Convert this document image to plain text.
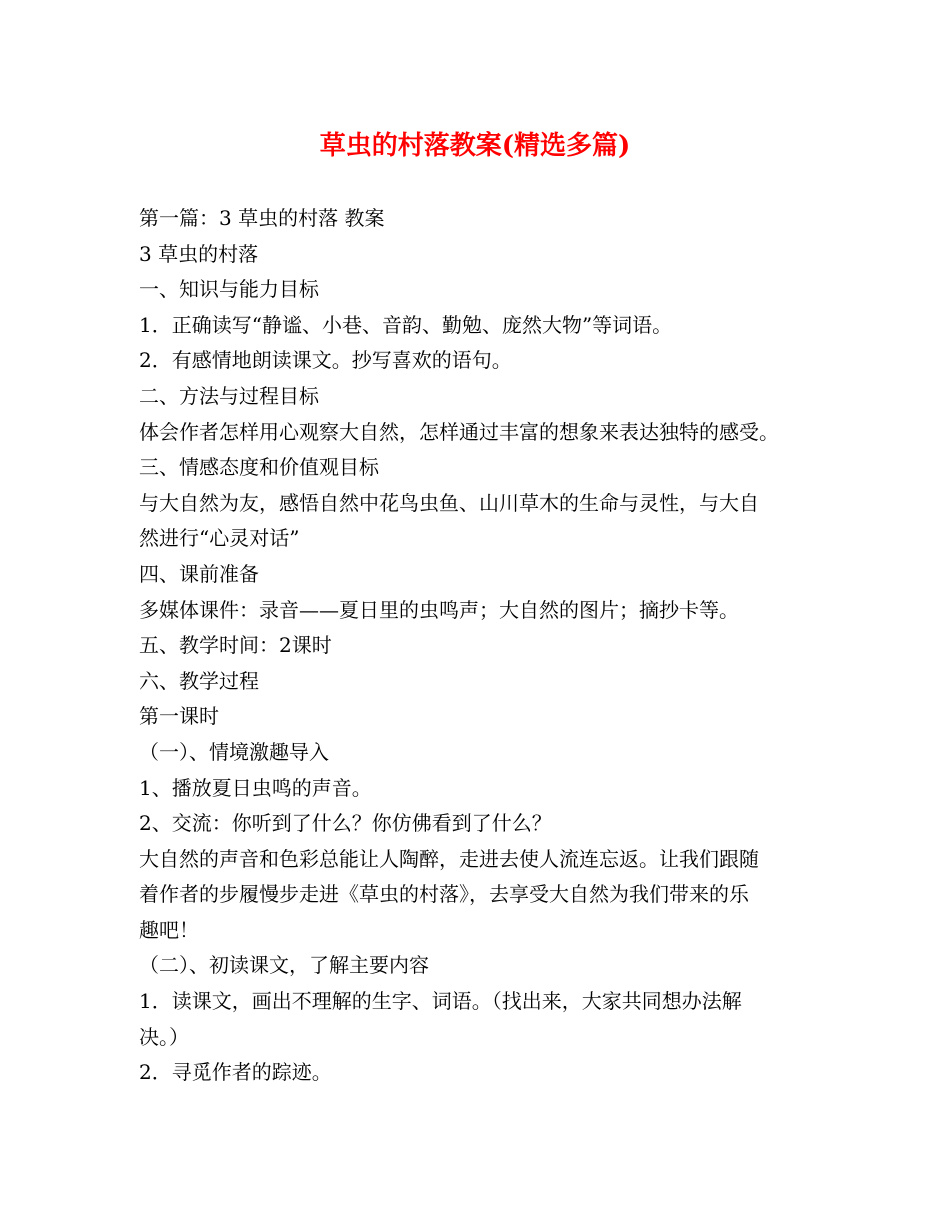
草虫的村落教案(精选多篇)
第一篇：3 草虫的村落 教案
3 草虫的村落
一、知识与能力目标
1．正确读写“静谧、小巷、音韵、勤勉、庞然大物”等词语。
2．有感情地朗读课文。抄写喜欢的语句。
二、方法与过程目标
体会作者怎样用心观察大自然，怎样通过丰富的想象来表达独特的感受。
三、情感态度和价值观目标
与大自然为友，感悟自然中花鸟虫鱼、山川草木的生命与灵性，与大自
然进行“心灵对话”
四、课前准备
多媒体课件：录音——夏日里的虫鸣声；大自然的图片；摘抄卡等。
五、教学时间：2课时
六、教学过程
第一课时
（一）、情境激趣导入
1、播放夏日虫鸣的声音。
2、交流：你听到了什么？你仿佛看到了什么？
大自然的声音和色彩总能让人陶醉，走进去使人流连忘返。让我们跟随
着作者的步履慢步走进《草虫的村落》，去享受大自然为我们带来的乐
趣吧！
（二）、初读课文，了解主要内容
1．读课文，画出不理解的生字、词语。（找出来，大家共同想办法解
决。）
2．寻觅作者的踪迹。
